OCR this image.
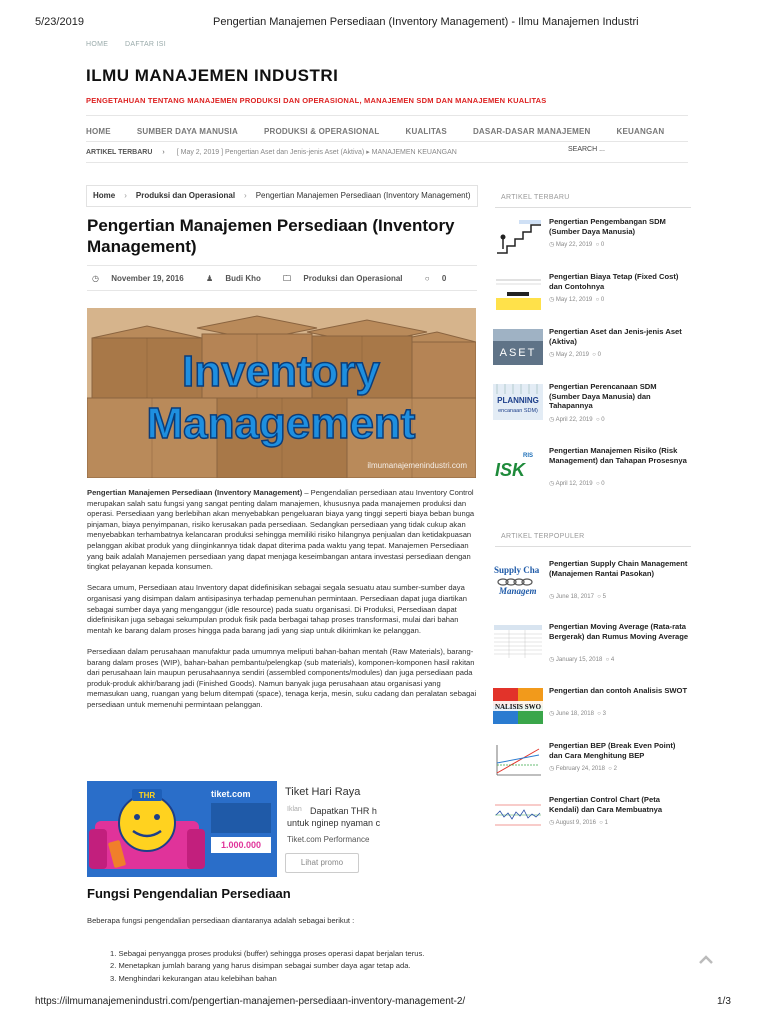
5/23/2019	Pengertian Manajemen Persediaan (Inventory Management) - Ilmu Manajemen Industri
HOME DAFTAR ISI
ILMU MANAJEMEN INDUSTRI
PENGETAHUAN TENTANG MANAJEMEN PRODUKSI DAN OPERASIONAL, MANAJEMEN SDM DAN MANAJEMEN KUALITAS
HOME	SUMBER DAYA MANUSIA	PRODUKSI & OPERASIONAL	KUALITAS	DASAR-DASAR MANAJEMEN	KEUANGAN
ARTIKEL TERBARU › [ May 2, 2019 ] Pengertian Aset dan Jenis-jenis Aset (Aktiva) ▸ MANAJEMEN KEUANGAN	SEARCH ...
Home › Produksi dan Operasional › Pengertian Manajemen Persediaan (Inventory Management)
Pengertian Manajemen Persediaan (Inventory Management)
◷ November 19, 2016	♟ Budi Kho	🗀 Produksi dan Operasional	○ 0
Inventory
Management
ilmumanajemenindustri.com

Pengertian Manajemen Persediaan (Inventory Management) – Pengendalian persediaan atau Inventory Control merupakan salah satu fungsi yang sangat penting dalam manajemen, khususnya pada manajemen produksi dan operasi. Persediaan yang berlebihan akan menyebabkan pengeluaran biaya yang tinggi seperti biaya beban bunga pinjaman, biaya penyimpanan, risiko kerusakan pada persediaan. Sedangkan persediaan yang tidak cukup akan menyebabkan terhambatnya kelancaran produksi sehingga memiliki risiko hilangnya penjualan dan ketidakpuasan pelanggan akibat produk yang diinginkannya tidak dapat diterima pada waktu yang tepat. Manajemen Persediaan yang baik adalah Manajemen persediaan yang dapat menjaga keseimbangan antara investasi persediaan dengan tingkat pelayanan kepada konsumen.

Secara umum, Persediaan atau Inventory dapat didefinisikan sebagai segala sesuatu atau sumber-sumber daya organisasi yang disimpan dalam antisipasinya terhadap pemenuhan permintaan. Persediaan dapat juga diartikan sebagai sumber daya yang menganggur (idle resource) pada suatu organisasi. Di Produksi, Persediaan dapat didefinisikan juga sebagai sekumpulan produk fisik pada berbagai tahap proses transformasi, mulai dari bahan mentah ke barang dalam proses hingga pada barang jadi yang siap untuk dikirimkan ke pelanggan.

Persediaan dalam perusahaan manufaktur pada umumnya meliputi bahan-bahan mentah (Raw Materials), barang-barang dalam proses (WIP), bahan-bahan pembantu/pelengkap (sub materials), komponen-komponen hasil rakitan dari perusahaan lain maupun perusahaannya sendiri (assembled components/modules) dan juga persediaan pada produk-produk akhir/barang jadi (Finished Goods). Namun banyak juga perusahaan atau organisasi yang memasukan uang, ruangan yang belum ditempati (space), tenaga kerja, mesin, suku cadang dan peralatan sebagai persediaan untuk memenuhi permintaan pelanggan.

THR	tiket.com
1.000.000
Tiket Hari Raya
Iklan Dapatkan THR h
untuk nginep nyaman c
Tiket.com Performance
Lihat promo
Fungsi Pengendalian Persediaan
Beberapa fungsi pengendalian persediaan diantaranya adalah sebagai berikut :
1. Sebagai penyangga proses produksi (buffer) sehingga proses operasi dapat berjalan terus.
2. Menetapkan jumlah barang yang harus disimpan sebagai sumber daya agar tetap ada.
3. Menghindari kekurangan atau kelebihan bahan
ARTIKEL TERBARU
Pengertian Pengembangan SDM (Sumber Daya Manusia)
◷ May 22, 2019  ○ 0
Pengertian Biaya Tetap (Fixed Cost) dan Contohnya
◷ May 12, 2019  ○ 0
ASET
Pengertian Aset dan Jenis-jenis Aset (Aktiva)
◷ May 2, 2019  ○ 0
PLANNING
encanaan SDM)
Pengertian Perencanaan SDM (Sumber Daya Manusia) dan Tahapannya
◷ April 22, 2019  ○ 0
RIS
ISK
Pengertian Manajemen Risiko (Risk Management) dan Tahapan Prosesnya
◷ April 12, 2019  ○ 0
ARTIKEL TERPOPULER
Supply Cha
Managem
Pengertian Supply Chain Management (Manajemen Rantai Pasokan)
◷ June 18, 2017  ○ 5
Pengertian Moving Average (Rata-rata Bergerak) dan Rumus Moving Average
◷ January 15, 2018  ○ 4
NALISIS SWO
Pengertian dan contoh Analisis SWOT
◷ June 18, 2018  ○ 3
Pengertian BEP (Break Even Point) dan Cara Menghitung BEP
◷ February 24, 2018  ○ 2
Pengertian Control Chart (Peta Kendali) dan Cara Membuatnya
◷ August 9, 2016  ○ 1
https://ilmumanajemenindustri.com/pengertian-manajemen-persediaan-inventory-management-2/	1/3
